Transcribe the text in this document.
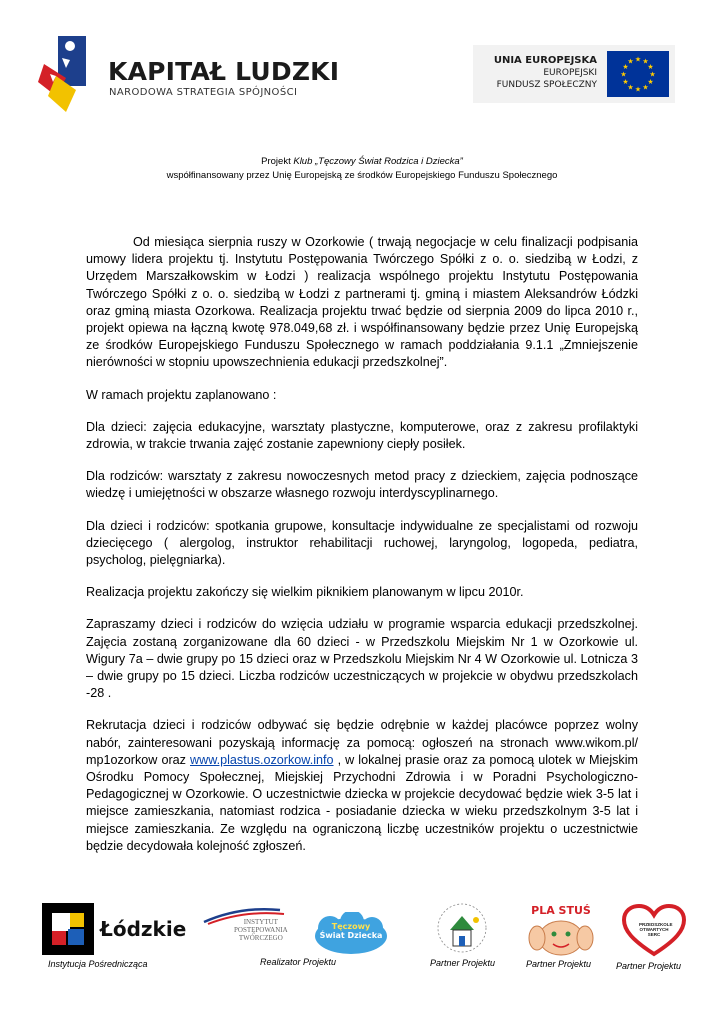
KAPITAŁ LUDZKI
NARODOWA STRATEGIA SPÓJNOŚCI
UNIA EUROPEJSKA
EUROPEJSKI
FUNDUSZ SPOŁECZNY
★ ★
★
★
★
★
★
★
★
★
★
★
Projekt Klub „Tęczowy Świat Rodzica i Dziecka”
współfinansowany przez Unię Europejską ze środków Europejskiego Funduszu Społecznego

Od miesiąca sierpnia ruszy w Ozorkowie ( trwają negocjacje w celu finalizacji podpisania umowy lidera projektu tj. Instytutu Postępowania Twórczego Spółki z o. o. siedzibą w Łodzi, z Urzędem Marszałkowskim w Łodzi ) realizacja wspólnego projektu Instytutu Postępowania Twórczego Spółki z o. o. siedzibą w Łodzi z partnerami tj. gminą i miastem Aleksandrów Łódzki oraz gminą miasta Ozorkowa. Realizacja projektu trwać będzie od sierpnia 2009 do lipca 2010 r., projekt opiewa na łączną kwotę 978.049,68 zł. i współfinansowany będzie przez Unię Europejską ze środków Europejskiego Funduszu Społecznego w ramach poddziałania 9.1.1 „Zmniejszenie nierówności w stopniu upowszechnienia edukacji przedszkolnej”.

W ramach projektu zaplanowano :

Dla dzieci: zajęcia edukacyjne, warsztaty plastyczne, komputerowe, oraz z zakresu profilaktyki zdrowia, w trakcie trwania zajęć zostanie zapewniony ciepły posiłek.

Dla rodziców: warsztaty z zakresu nowoczesnych metod pracy z dzieckiem, zajęcia podnoszące wiedzę i umiejętności w obszarze własnego rozwoju interdyscyplinarnego.

Dla dzieci i rodziców: spotkania grupowe, konsultacje indywidualne ze specjalistami od rozwoju dziecięcego ( alergolog, instruktor rehabilitacji ruchowej, laryngolog, logopeda, pediatra, psycholog, pielęgniarka).

Realizacja projektu zakończy się wielkim piknikiem planowanym w lipcu 2010r.

Zapraszamy dzieci i rodziców do wzięcia udziału w programie wsparcia edukacji przedszkolnej. Zajęcia zostaną zorganizowane dla 60 dzieci - w Przedszkolu Miejskim Nr 1 w Ozorkowie ul. Wigury 7a – dwie grupy po 15 dzieci oraz w Przedszkolu Miejskim Nr 4 W Ozorkowie ul. Lotnicza 3 – dwie grupy po 15 dzieci. Liczba rodziców uczestniczących w projekcie w obydwu przedszkolach -28 .

Rekrutacja dzieci i rodziców odbywać się będzie odrębnie w każdej placówce poprzez wolny nabór, zainteresowani pozyskają informację za pomocą: ogłoszeń na stronach www.wikom.pl/ mp1ozorkow oraz www.plastus.ozorkow.info , w lokalnej prasie oraz za pomocą ulotek w Miejskim Ośrodku Pomocy Społecznej, Miejskiej Przychodni Zdrowia i w Poradni Psychologiczno-Pedagogicznej w Ozorkowie. O uczestnictwie dziecka w projekcie decydować będzie wiek 3-5 lat i miejsce zamieszkania, natomiast rodzica - posiadanie dziecka w wieku przedszkolnym 3-5 lat i miejsce zamieszkania. Ze względu na ograniczoną liczbę uczestników projektu o uczestnictwie będzie decydowała kolejność zgłoszeń.

Łódzkie
Instytucja Pośrednicząca
INSTYTUT
POSTĘPOWANIA
TWÓRCZEGO
Tęczowy
Świat Dziecka
Realizator Projektu	Partner Projektu
PLA STUŚ
Partner Projektu
PRZEDSZKOLE OTWARTYCH SERC
Partner Projektu
